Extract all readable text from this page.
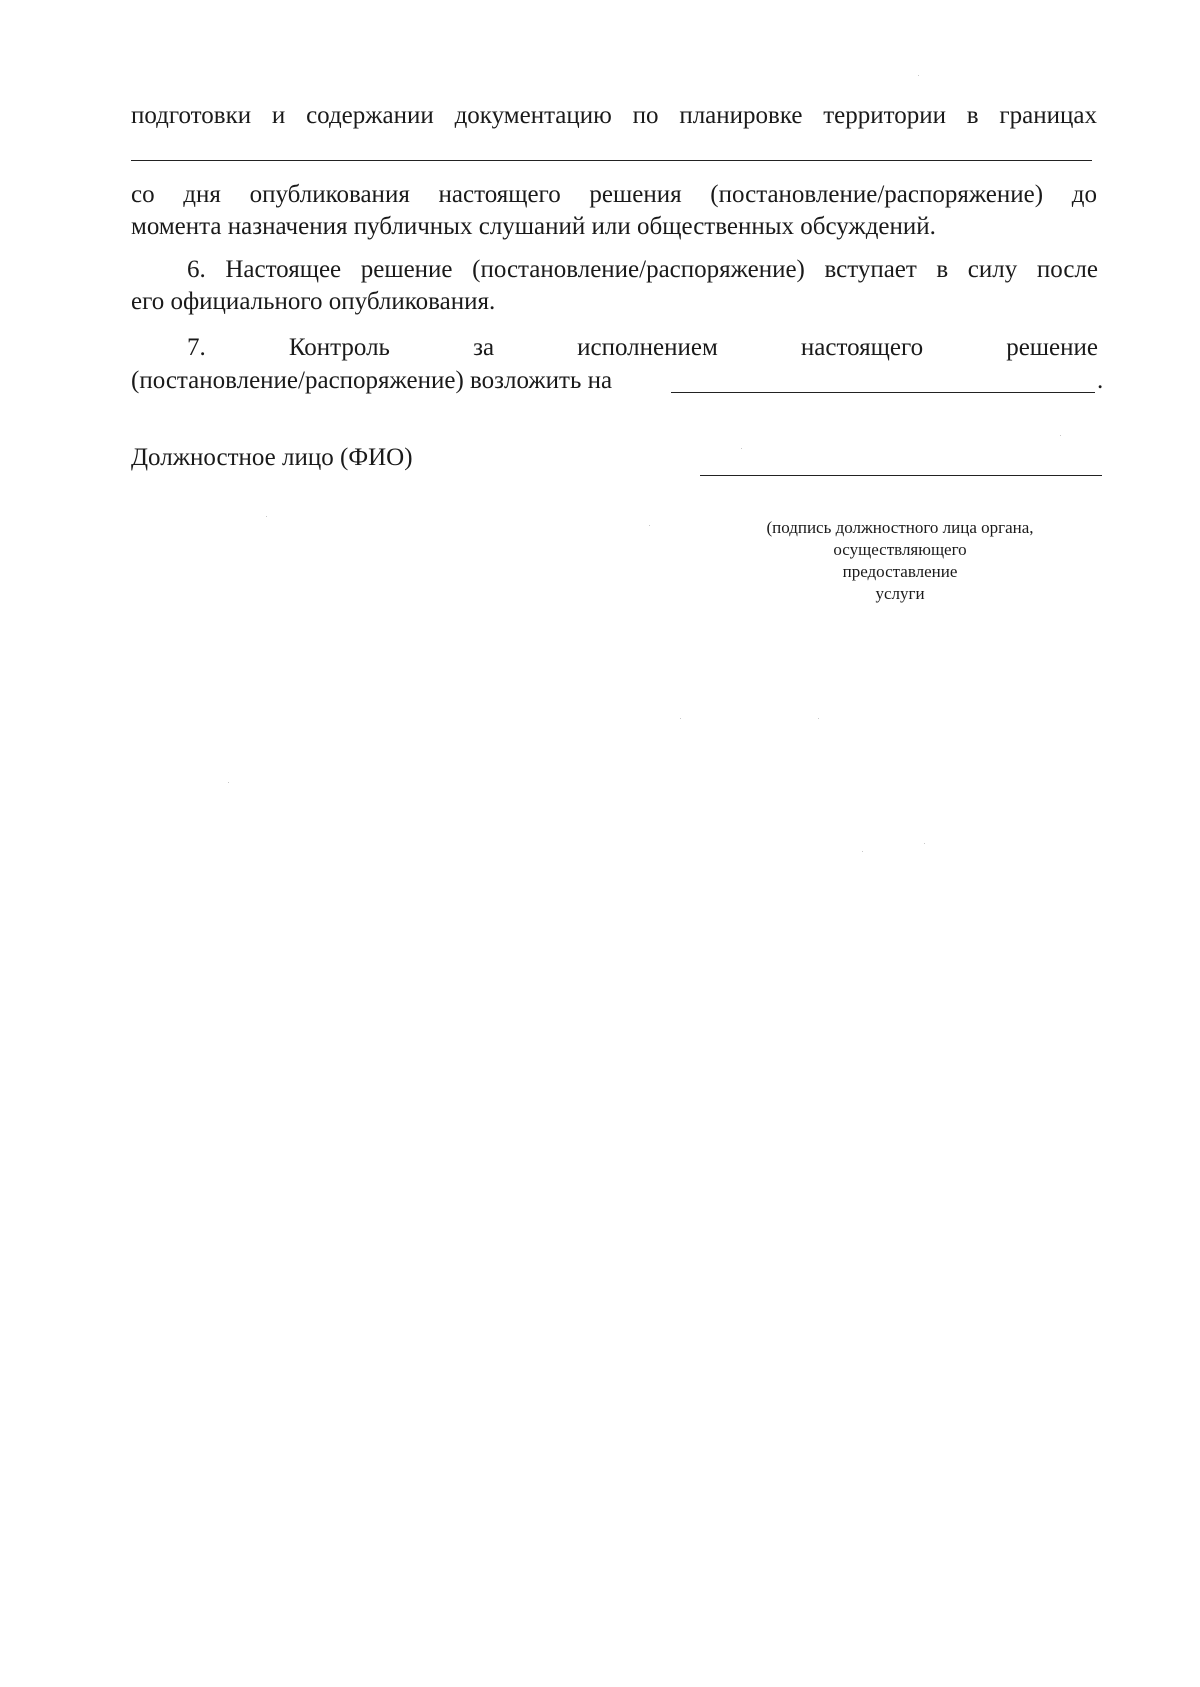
подготовки и содержании документацию по планировке территории в границах
со дня опубликования настоящего решения (постановление/распоряжение) до
момента назначения публичных слушаний или общественных обсуждений.
6. Настоящее решение (постановление/распоряжение) вступает в силу после
его официального опубликования.
7.	Контроль	за	исполнением	настоящего	решение
(постановление/распоряжение) возложить на	.
Должностное лицо (ФИО)
(подпись должностного лица органа,
осуществляющего
предоставление
услуги
